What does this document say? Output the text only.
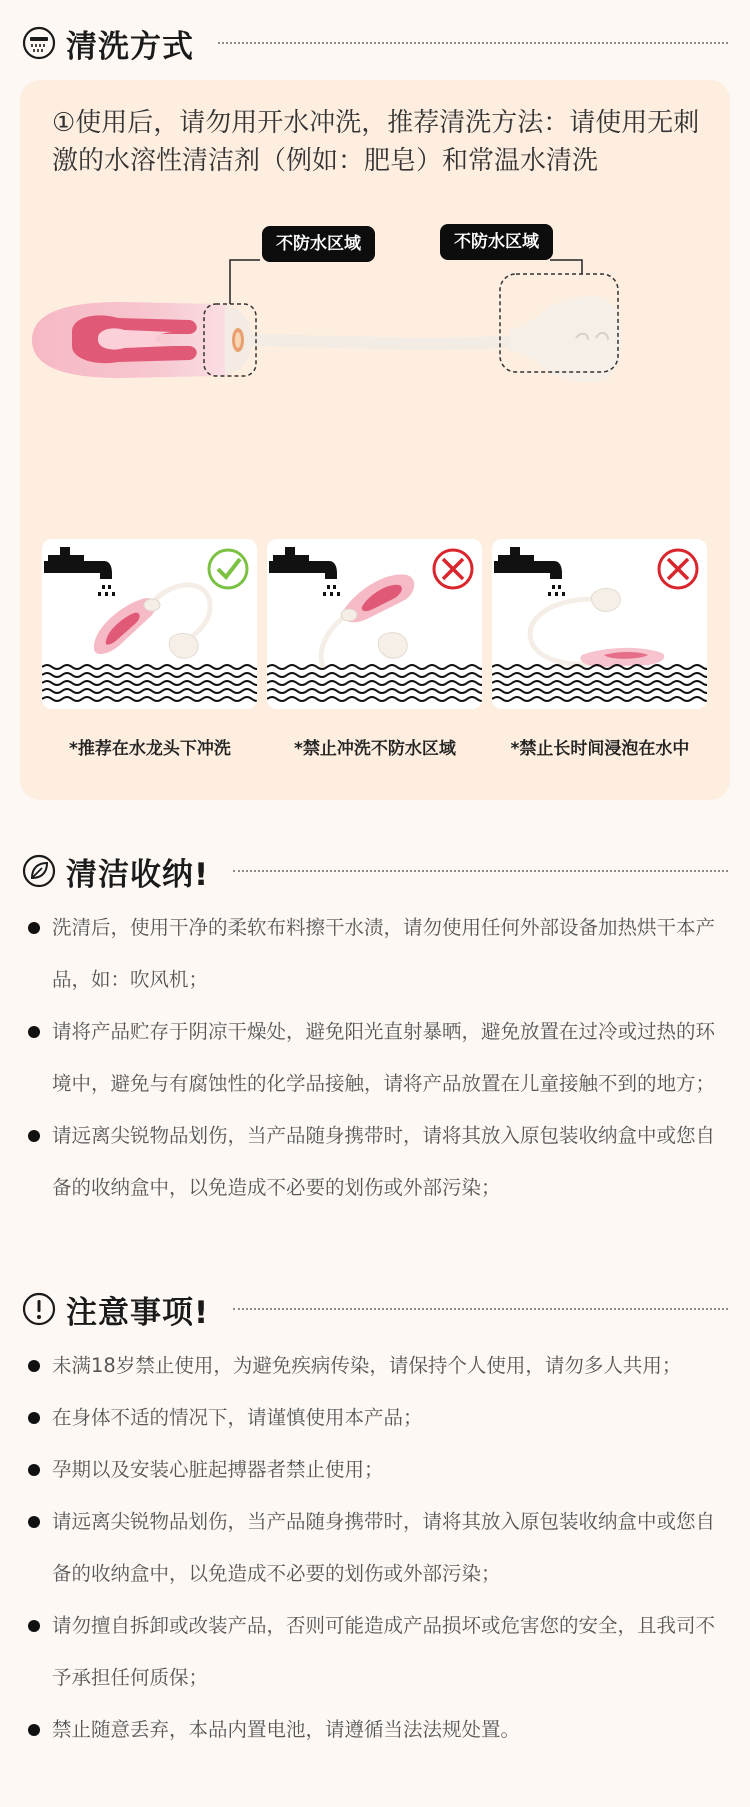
清洗方式
①使用后，请勿用开水冲洗，推荐清洗方法：请使用无刺激的水溶性清洁剂（例如：肥皂）和常温水清洗
不防水区域	不防水区域
*推荐在水龙头下冲洗	*禁止冲洗不防水区域	*禁止长时间浸泡在水中
清洁收纳!
洗清后，使用干净的柔软布料擦干水渍，请勿使用任何外部设备加热烘干本产品，如：吹风机；
请将产品贮存于阴凉干燥处，避免阳光直射暴晒，避免放置在过冷或过热的环境中，避免与有腐蚀性的化学品接触，请将产品放置在儿童接触不到的地方；
请远离尖锐物品划伤，当产品随身携带时，请将其放入原包装收纳盒中或您自备的收纳盒中，以免造成不必要的划伤或外部污染；
注意事项!
未满18岁禁止使用，为避免疾病传染，请保持个人使用，请勿多人共用；
在身体不适的情况下，请谨慎使用本产品；
孕期以及安装心脏起搏器者禁止使用；
请远离尖锐物品划伤，当产品随身携带时，请将其放入原包装收纳盒中或您自备的收纳盒中，以免造成不必要的划伤或外部污染；
请勿擅自拆卸或改装产品，否则可能造成产品损坏或危害您的安全，且我司不予承担任何质保；
禁止随意丢弃，本品内置电池，请遵循当法法规处置。
